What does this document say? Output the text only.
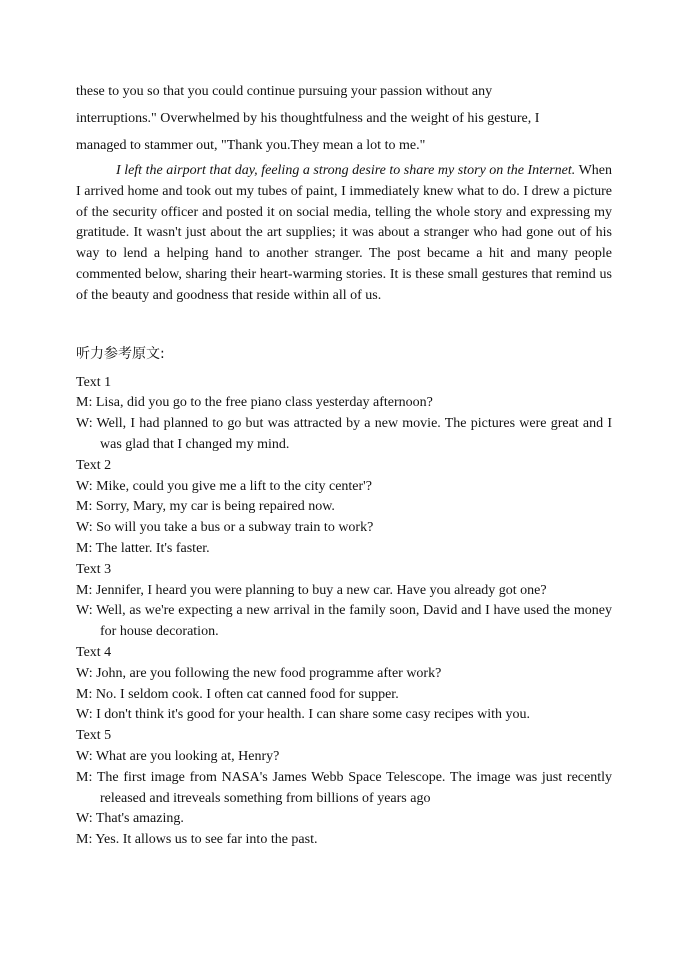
these to you so that you could continue pursuing your passion without any
interruptions." Overwhelmed by his thoughtfulness and the weight of his gesture, I
managed to stammer out, "Thank you.They mean a lot to me."
I left the airport that day, feeling a strong desire to share my story on the Internet. When I arrived home and took out my tubes of paint, I immediately knew what to do. I drew a picture of the security officer and posted it on social media, telling the whole story and expressing my gratitude. It wasn't just about the art supplies; it was about a stranger who had gone out of his way to lend a helping hand to another stranger. The post became a hit and many people commented below, sharing their heart-warming stories. It is these small gestures that remind us of the beauty and goodness that reside within all of us.
听力参考原文:
Text 1
M: Lisa, did you go to the free piano class yesterday afternoon?
W: Well, I had planned to go but was attracted by a new movie. The pictures were great and I was glad that I changed my mind.
Text 2
W: Mike, could you give me a lift to the city center'?
M: Sorry, Mary, my car is being repaired now.
W: So will you take a bus or a subway train to work?
M: The latter. It's faster.
Text 3
M: Jennifer, I heard you were planning to buy a new car. Have you already got one?
W: Well, as we're expecting a new arrival in the family soon, David and I have used the money for house decoration.
Text 4
W: John, are you following the new food programme after work?
M: No. I seldom cook. I often cat canned food for supper.
W: I don't think it's good for your health. I can share some casy recipes with you.
Text 5
W: What are you looking at, Henry?
M: The first image from NASA's James Webb Space Telescope. The image was just recently released and itreveals something from billions of years ago
W: That's amazing.
M: Yes. It allows us to see far into the past.
